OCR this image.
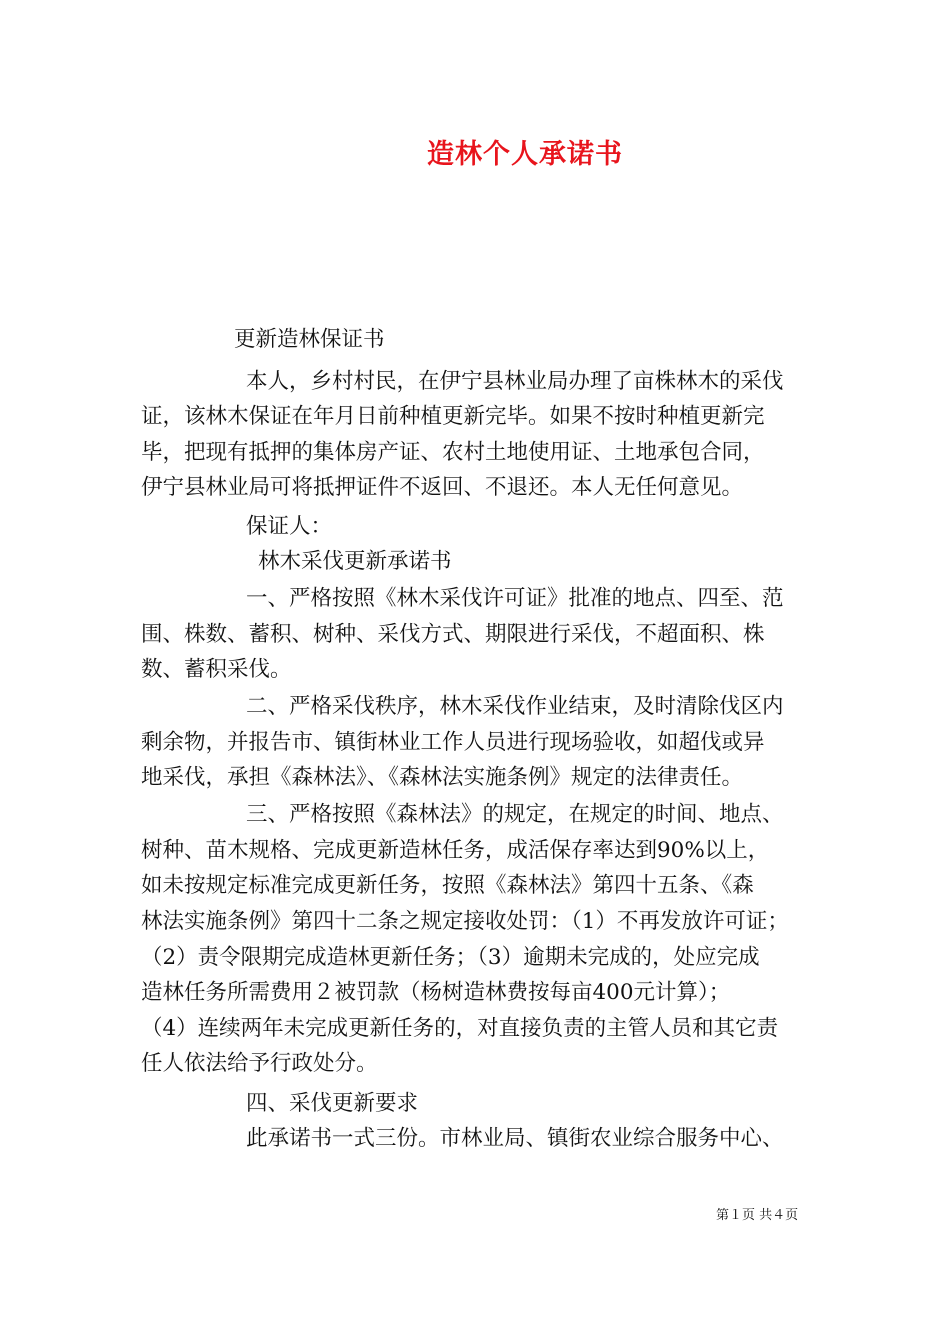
造林个人承诺书
更新造林保证书
本人，乡村村民，在伊宁县林业局办理了亩株林木的采伐
证，该林木保证在年月日前种植更新完毕。如果不按时种植更新完
毕，把现有抵押的集体房产证、农村土地使用证、土地承包合同，
伊宁县林业局可将抵押证件不返回、不退还。本人无任何意见。
保证人：
林木采伐更新承诺书
一、严格按照《林木采伐许可证》批准的地点、四至、范
围、株数、蓄积、树种、采伐方式、期限进行采伐，不超面积、株
数、蓄积采伐。
二、严格采伐秩序，林木采伐作业结束，及时清除伐区内
剩余物，并报告市、镇街林业工作人员进行现场验收，如超伐或异
地采伐，承担《森林法》、《森林法实施条例》规定的法律责任。
三、严格按照《森林法》的规定，在规定的时间、地点、
树种、苗木规格、完成更新造林任务，成活保存率达到90%以上，
如未按规定标准完成更新任务，按照《森林法》第四十五条、《森
林法实施条例》第四十二条之规定接收处罚：（1）不再发放许可证；
（2）责令限期完成造林更新任务；（3）逾期未完成的，处应完成
造林任务所需费用２被罚款（杨树造林费按每亩400元计算）；
（4）连续两年未完成更新任务的，对直接负责的主管人员和其它责
任人依法给予行政处分。
四、采伐更新要求
此承诺书一式三份。市林业局、镇街农业综合服务中心、
第１页 共４页
